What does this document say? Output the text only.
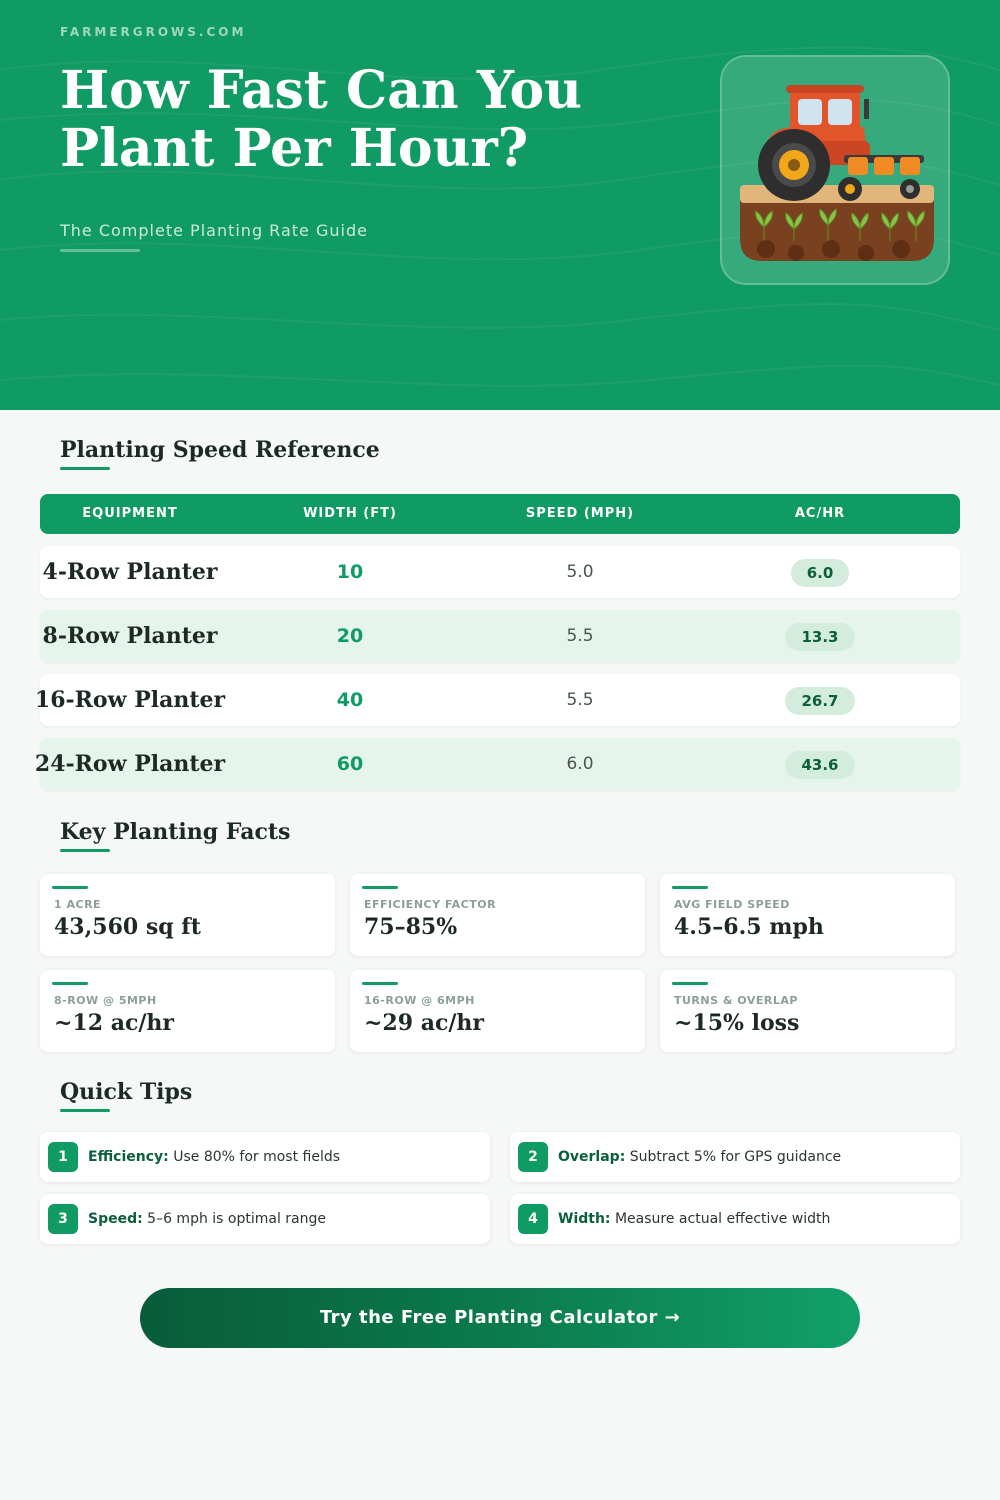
FARMERGROWS.COM
How Fast Can You
Plant Per Hour?
The Complete Planting Rate Guide
Planting Speed Reference
EQUIPMENT	WIDTH (FT)	SPEED (MPH)	AC/HR
4-Row Planter	10	5.0	6.0
8-Row Planter	20	5.5	13.3
16-Row Planter	40	5.5	26.7
24-Row Planter	60	6.0	43.6
Key Planting Facts
1 ACRE
43,560 sq ft
EFFICIENCY FACTOR
75–85%
AVG FIELD SPEED
4.5–6.5 mph
8-ROW @ 5MPH
~12 ac/hr
16-ROW @ 6MPH
~29 ac/hr
TURNS & OVERLAP
~15% loss
Quick Tips
1	Efficiency: Use 80% for most fields	2	Overlap: Subtract 5% for GPS guidance
3	Speed: 5–6 mph is optimal range	4	Width: Measure actual effective width
Try the Free Planting Calculator →
